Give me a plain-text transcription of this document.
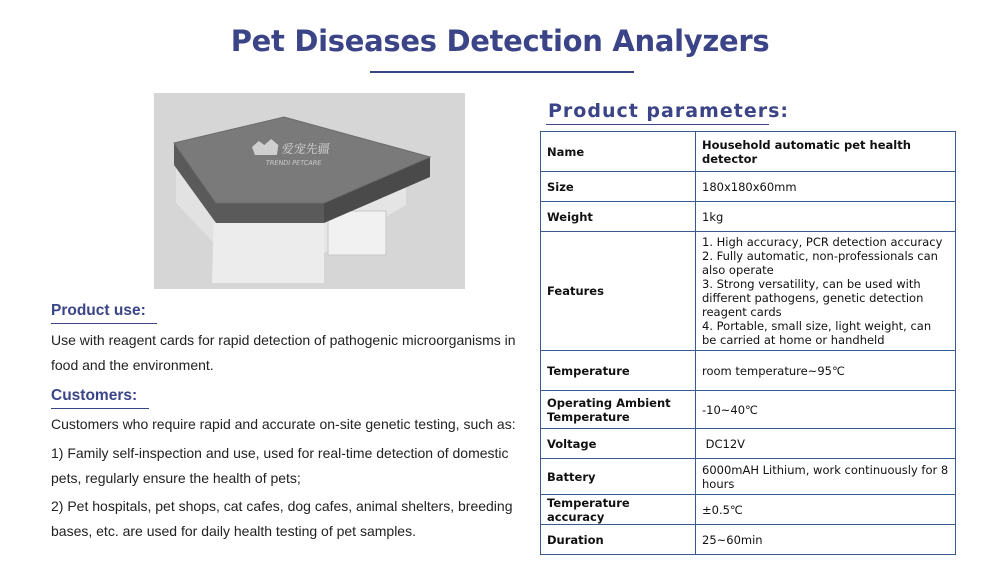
Pet Diseases Detection Analyzers
爱宠先疆
TRENDI PETCARE
Product use:
Use with reagent cards for rapid detection of pathogenic microorganisms in food and the environment.
Customers:
Customers who require rapid and accurate on-site genetic testing, such as:
1) Family self-inspection and use, used for real-time detection of domestic pets, regularly ensure the health of pets;
2) Pet hospitals, pet shops, cat cafes, dog cafes, animal shelters, breeding bases, etc. are used for daily health testing of pet samples.
Product parameters:
Name	Household automatic pet health detector
Size	180x180x60mm
Weight	1kg
Features	1. High accuracy, PCR detection accuracy
2. Fully automatic, non-professionals can also operate
3. Strong versatility, can be used with different pathogens, genetic detection reagent cards
4. Portable, small size, light weight, can be carried at home or handheld

Temperature	room temperature~95℃
Operating Ambient Temperature	-10~40℃
Voltage	DC12V
Battery	6000mAH Lithium, work continuously for 8 hours
Temperature accuracy	±0.5℃
Duration	25~60min
